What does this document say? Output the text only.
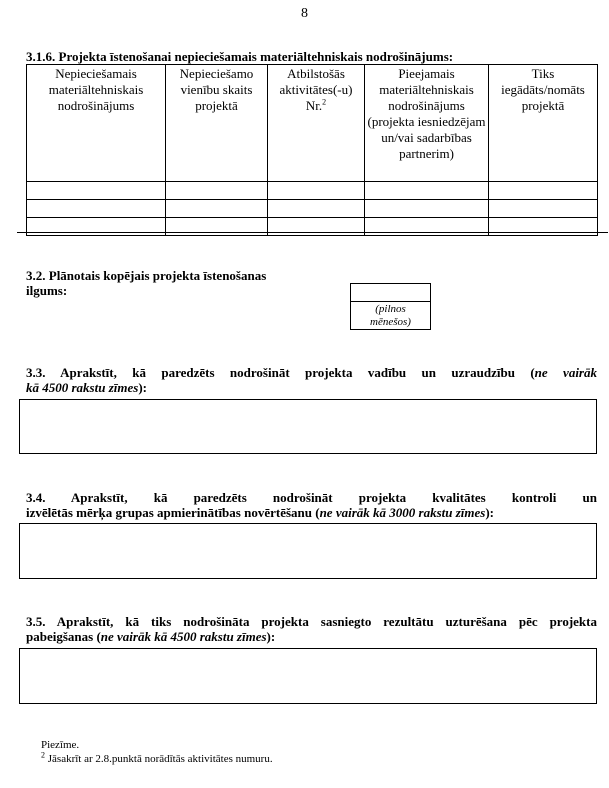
8
3.1.6. Projekta īstenošanai nepieciešamais materiāltehniskais nodrošinājums:
Nepieciešamais materiāltehniskais nodrošinājums	Nepieciešamo vienību skaits projektā	Atbilstošās aktivitātes(-u) Nr.$^2$	Pieejamais materiāltehniskais nodrošinājums (projekta iesniedzējam un/vai sadarbības partnerim)	Tiks iegādāts/nomāts projektā

3.2. Plānotais kopējais projekta īstenošanas
ilgums:
(pilnos
mēnešos)
3.3. Aprakstīt, kā paredzēts nodrošināt projekta vadību un uzraudzību (ne vairāk
kā 4500 rakstu zīmes):
3.4. Aprakstīt, kā paredzēts nodrošināt projekta kvalitātes kontroli un
izvēlētās mērķa grupas apmierinātības novērtēšanu (ne vairāk kā 3000 rakstu zīmes):
3.5. Aprakstīt, kā tiks nodrošināta projekta sasniegto rezultātu uzturēšana pēc projekta
pabeigšanas (ne vairāk kā 4500 rakstu zīmes):
Piezīme.
$^2$ Jāsakrīt ar 2.8.punktā norādītās aktivitātes numuru.
